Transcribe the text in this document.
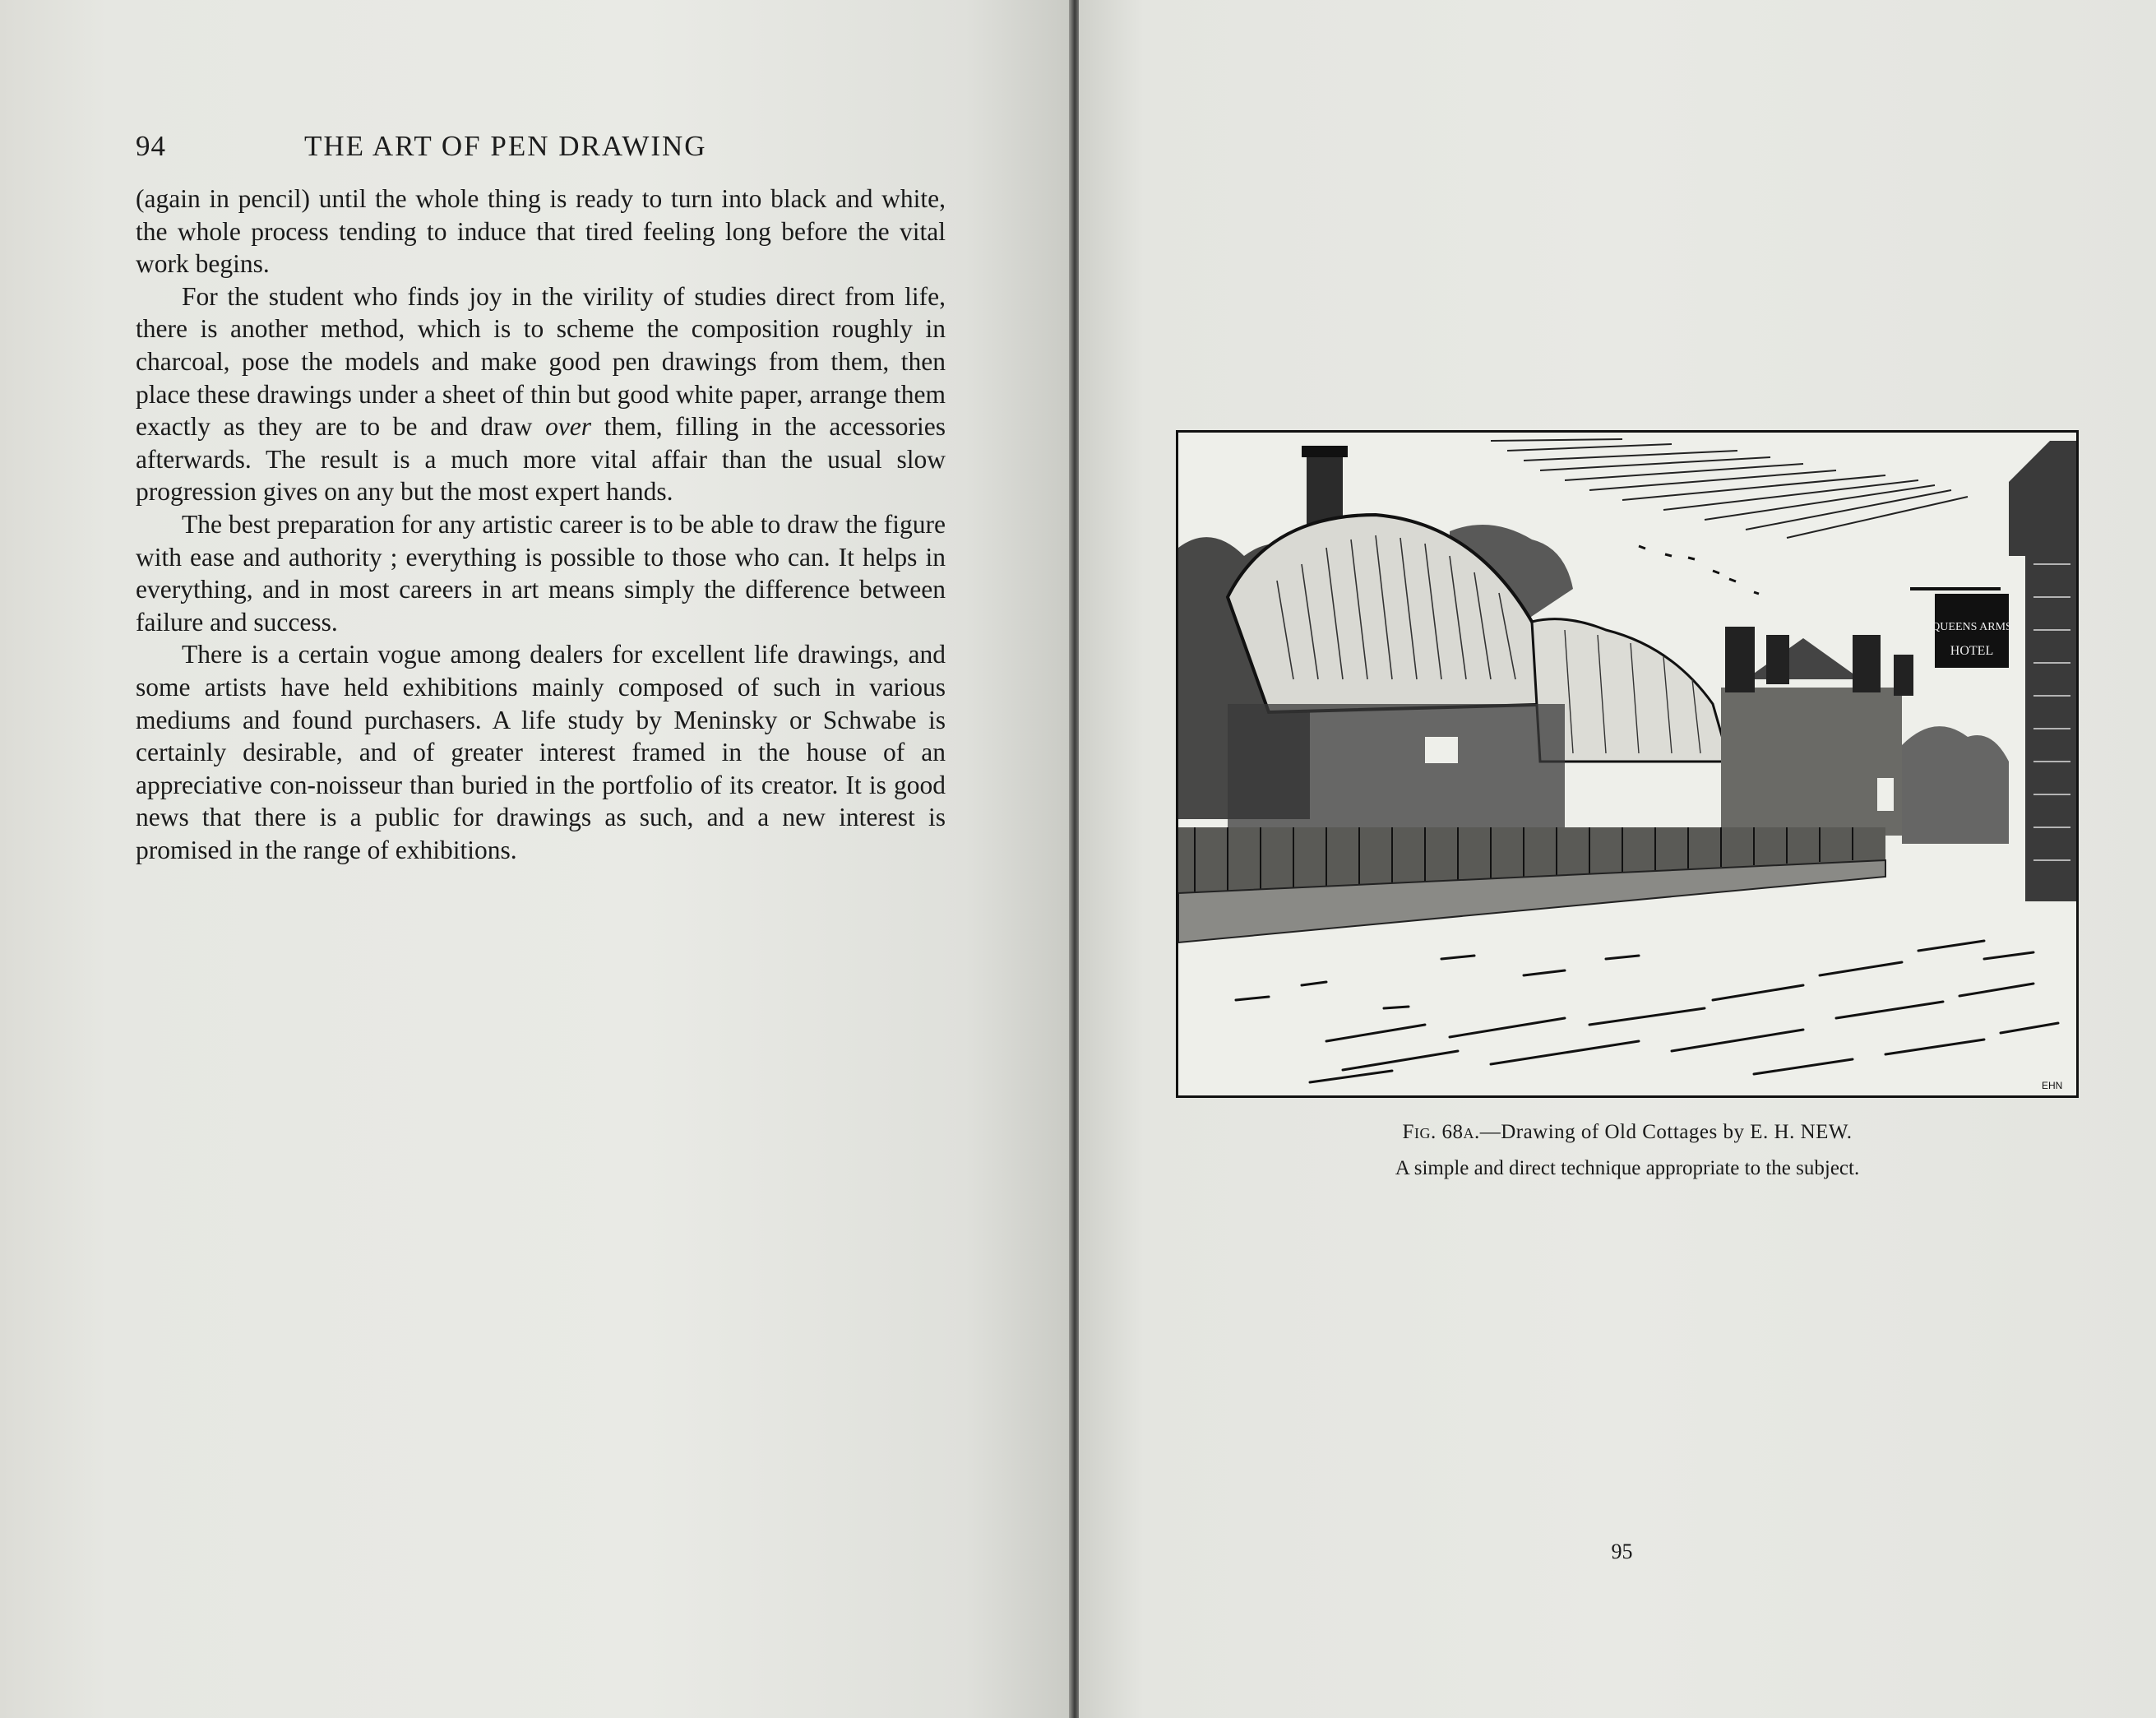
94	THE ART OF PEN DRAWING

(again in pencil) until the whole thing is ready to turn into black and white, the whole process tending to induce that tired feeling long before the vital work begins.

For the student who finds joy in the virility of studies direct from life, there is another method, which is to scheme the composition roughly in charcoal, pose the models and make good pen drawings from them, then place these drawings under a sheet of thin but good white paper, arrange them exactly as they are to be and draw over them, filling in the accessories afterwards. The result is a much more vital affair than the usual slow progression gives on any but the most expert hands.

The best preparation for any artistic career is to be able to draw the figure with ease and authority ; everything is possible to those who can. It helps in everything, and in most careers in art means simply the difference between failure and success.

There is a certain vogue among dealers for excellent life drawings, and some artists have held exhibitions mainly composed of such in various mediums and found purchasers. A life study by Meninsky or Schwabe is certainly desirable, and of greater interest framed in the house of an appreciative con-noisseur than buried in the portfolio of its creator. It is good news that there is a public for drawings as such, and a new interest is promised in the range of exhibitions.

QUEENS ARMS
HOTEL
EHN
Fig. 68a.—Drawing of Old Cottages by E. H. NEW.
A simple and direct technique appropriate to the subject.
95
